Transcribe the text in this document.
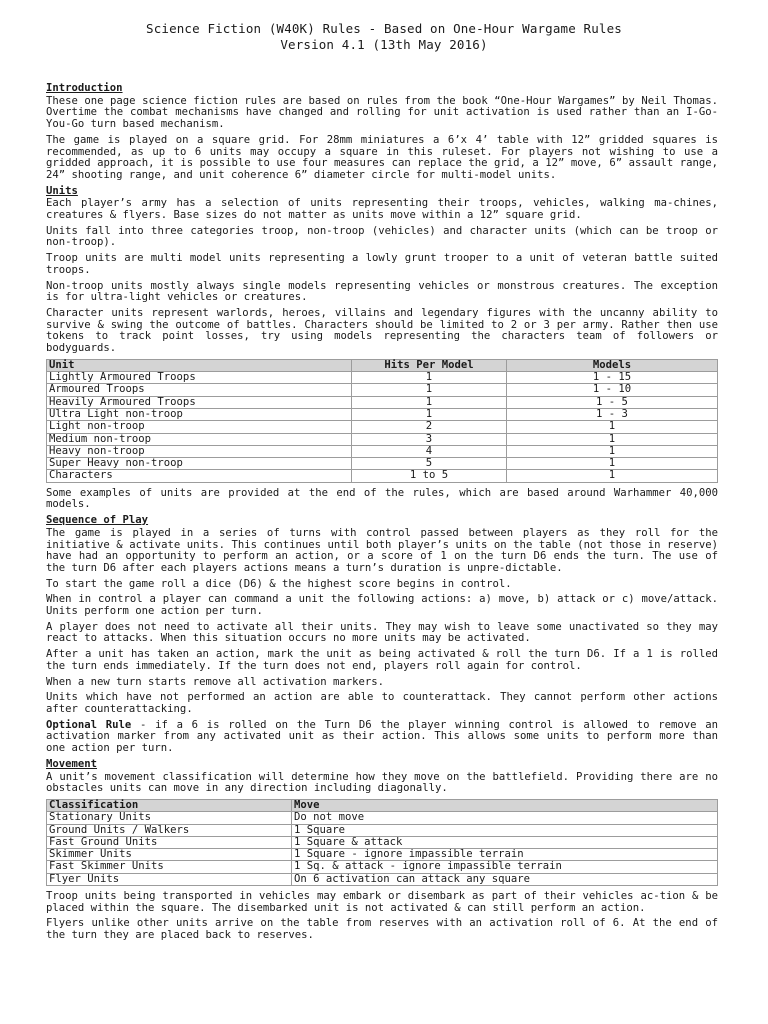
Science Fiction (W40K) Rules - Based on One-Hour Wargame Rules
Version 4.1 (13th May 2016)
Introduction
These one page science fiction rules are based on rules from the book “One-Hour Wargames” by Neil Thomas. Overtime the combat mechanisms have changed and rolling for unit activation is used rather than an I-Go-You-Go turn based mechanism.
The game is played on a square grid. For 28mm miniatures a 6’x 4’ table with 12” gridded squares is recommended, as up to 6 units may occupy a square in this ruleset. For players not wishing to use a gridded approach, it is possible to use four measures can replace the grid, a 12” move, 6” assault range, 24” shooting range, and unit coherence 6” diameter circle for multi-model units.
Units
Each player’s army has a selection of units representing their troops, vehicles, walking ma-chines, creatures & flyers. Base sizes do not matter as units move within a 12” square grid.
Units fall into three categories troop, non-troop (vehicles) and character units (which can be troop or non-troop).
Troop units are multi model units representing a lowly grunt trooper to a unit of veteran battle suited troops.
Non-troop units mostly always single models representing vehicles or monstrous creatures. The exception is for ultra-light vehicles or creatures.
Character units represent warlords, heroes, villains and legendary figures with the uncanny ability to survive & swing the outcome of battles. Characters should be limited to 2 or 3 per army. Rather then use tokens to track point losses, try using models representing the characters team of followers or bodyguards.
Unit	Hits Per Model	Models
Lightly Armoured Troops	1	1 - 15
Armoured Troops	1	1 - 10
Heavily Armoured Troops	1	1 - 5
Ultra Light non-troop	1	1 - 3
Light non-troop	2	1
Medium non-troop	3	1
Heavy non-troop	4	1
Super Heavy non-troop	5	1
Characters	1 to 5	1
Some examples of units are provided at the end of the rules, which are based around Warhammer 40,000 models.
Sequence of Play
The game is played in a series of turns with control passed between players as they roll for the initiative & activate units. This continues until both player’s units on the table (not those in reserve) have had an opportunity to perform an action, or a score of 1 on the turn D6 ends the turn. The use of the turn D6 after each players actions means a turn’s duration is unpre-dictable.
To start the game roll a dice (D6) & the highest score begins in control.
When in control a player can command a unit the following actions: a) move, b) attack or c) move/attack. Units perform one action per turn.
A player does not need to activate all their units. They may wish to leave some unactivated so they may react to attacks. When this situation occurs no more units may be activated.
After a unit has taken an action, mark the unit as being activated & roll the turn D6. If a 1 is rolled the turn ends immediately. If the turn does not end, players roll again for control.
When a new turn starts remove all activation markers.
Units which have not performed an action are able to counterattack. They cannot perform other actions after counterattacking.
Optional Rule - if a 6 is rolled on the Turn D6 the player winning control is allowed to remove an activation marker from any activated unit as their action. This allows some units to perform more than one action per turn.
Movement
A unit’s movement classification will determine how they move on the battlefield. Providing there are no obstacles units can move in any direction including diagonally.
Classification	Move
Stationary Units	Do not move
Ground Units / Walkers	1 Square
Fast Ground Units	1 Square & attack
Skimmer Units	1 Square - ignore impassible terrain
Fast Skimmer Units	1 Sq. & attack - ignore impassible terrain
Flyer Units	On 6 activation can attack any square
Troop units being transported in vehicles may embark or disembark as part of their vehicles ac-tion & be placed within the square. The disembarked unit is not activated & can still perform an action.
Flyers unlike other units arrive on the table from reserves with an activation roll of 6. At the end of the turn they are placed back to reserves.
